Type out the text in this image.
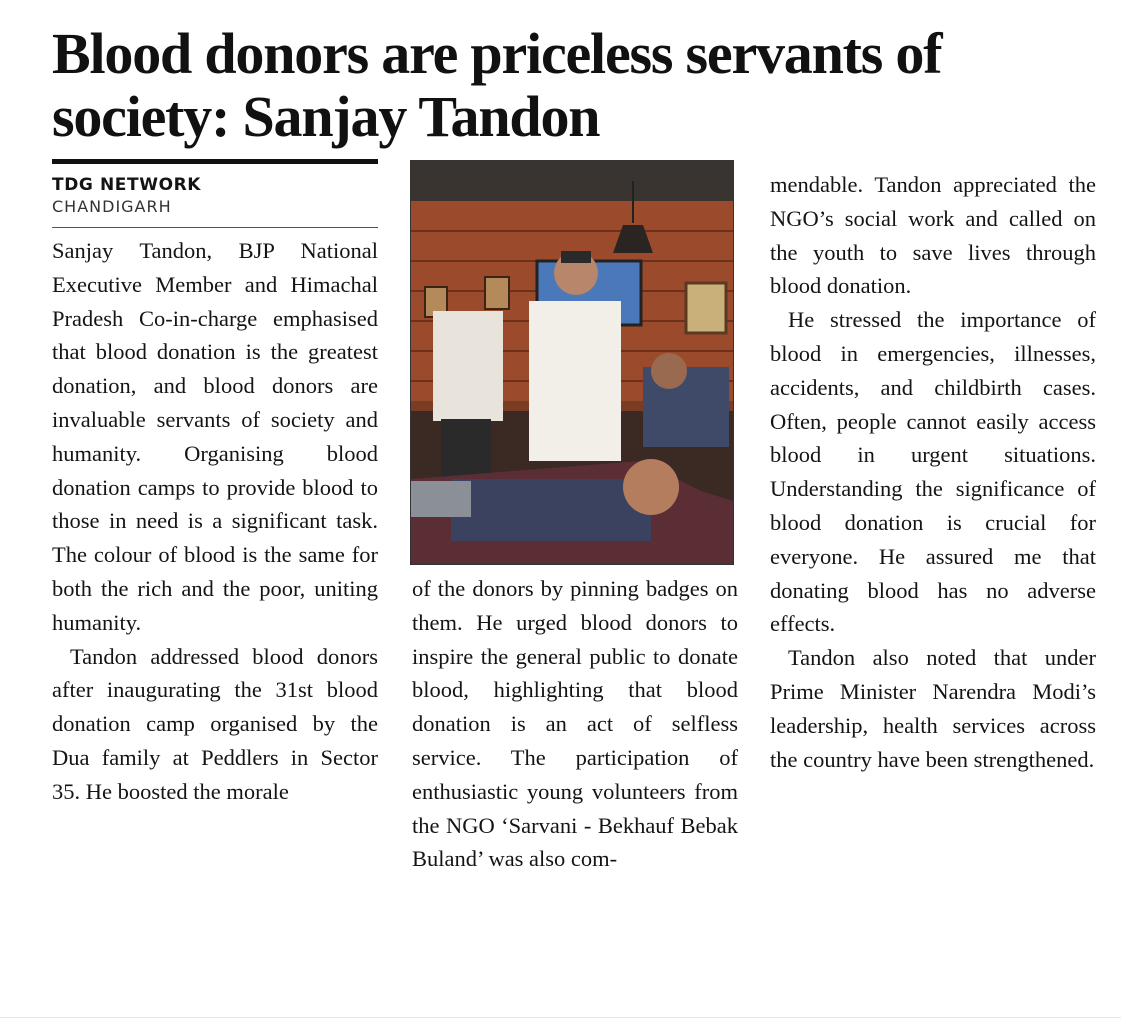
Blood donors are priceless servants of society: Sanjay Tandon
TDG NETWORK
CHANDIGARH

Sanjay Tandon, BJP National Executive Member and Himachal Pradesh Co-in-charge emphasised that blood donation is the greatest donation, and blood donors are invaluable servants of society and humanity. Organising blood donation camps to provide blood to those in need is a significant task. The colour of blood is the same for both the rich and the poor, uniting humanity.

Tandon addressed blood donors after inaugurating the 31st blood donation camp organised by the Dua family at Peddlers in Sector 35. He boosted the morale

of the donors by pinning badges on them. He urged blood donors to inspire the general public to donate blood, highlighting that blood donation is an act of selfless service. The participation of enthusiastic young volunteers from the NGO ‘Sarvani - Bekhauf Bebak Buland’ was also com-

mendable. Tandon appreciated the NGO’s social work and called on the youth to save lives through blood donation.

He stressed the importance of blood in emergencies, illnesses, accidents, and childbirth cases. Often, people cannot easily access blood in urgent situations. Understanding the significance of blood donation is crucial for everyone. He assured me that donating blood has no adverse effects.

Tandon also noted that under Prime Minister Narendra Modi’s leadership, health services across the country have been strengthened.
